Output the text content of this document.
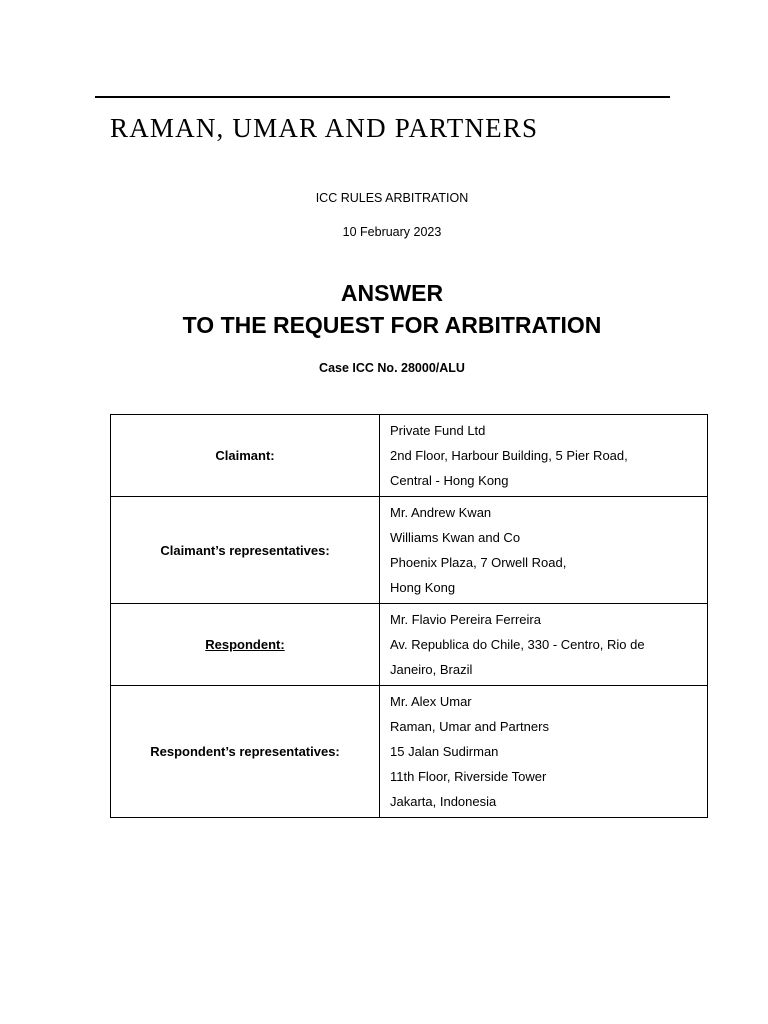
RAMAN, UMAR AND PARTNERS
ICC RULES ARBITRATION
10 February 2023
ANSWER
TO THE REQUEST FOR ARBITRATION
Case ICC No. 28000/ALU
Claimant:	Private Fund Ltd
2nd Floor, Harbour Building, 5 Pier Road,
Central - Hong Kong

Claimant’s representatives:	Mr. Andrew Kwan
Williams Kwan and Co
Phoenix Plaza, 7 Orwell Road,
Hong Kong

Respondent:	Mr. Flavio Pereira Ferreira
Av. Republica do Chile, 330 - Centro, Rio de
Janeiro, Brazil

Respondent’s representatives:	Mr. Alex Umar
Raman, Umar and Partners
15 Jalan Sudirman
11th Floor, Riverside Tower
Jakarta, Indonesia
